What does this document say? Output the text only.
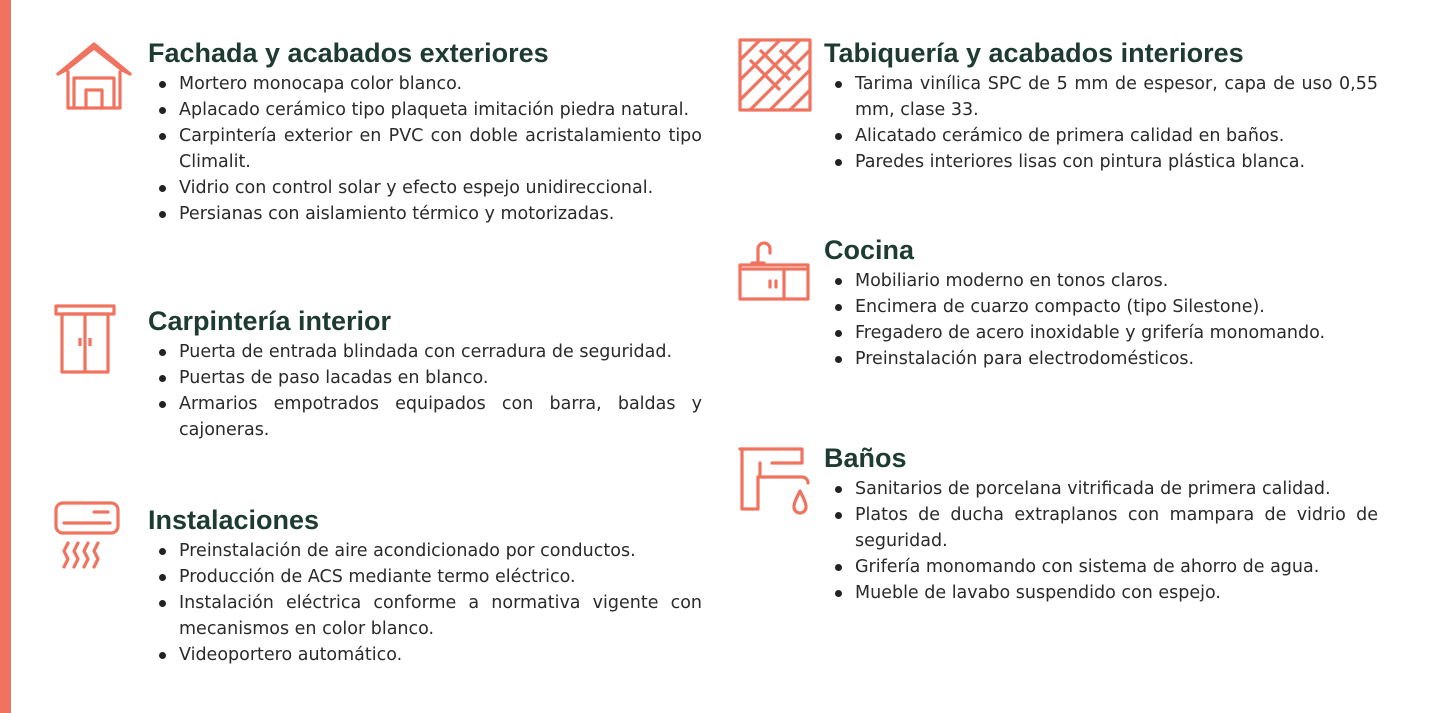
Fachada y acabados exteriores
Mortero monocapa color blanco.
Aplacado cerámico tipo plaqueta imitación piedra natural.
Carpintería exterior en PVC con doble acristalamiento tipo Climalit.
Vidrio con control solar y efecto espejo unidireccional.
Persianas con aislamiento térmico y motorizadas.
Carpintería interior
Puerta de entrada blindada con cerradura de seguridad.
Puertas de paso lacadas en blanco.
Armarios empotrados equipados con barra, baldas y cajoneras.
Instalaciones
Preinstalación de aire acondicionado por conductos.
Producción de ACS mediante termo eléctrico.
Instalación eléctrica conforme a normativa vigente con mecanismos en color blanco.
Videoportero automático.
Tabiquería y acabados interiores
Tarima vinílica SPC de 5 mm de espesor, capa de uso 0,55 mm, clase 33.
Alicatado cerámico de primera calidad en baños.
Paredes interiores lisas con pintura plástica blanca.
Cocina
Mobiliario moderno en tonos claros.
Encimera de cuarzo compacto (tipo Silestone).
Fregadero de acero inoxidable y grifería monomando.
Preinstalación para electrodomésticos.
Baños
Sanitarios de porcelana vitrificada de primera calidad.
Platos de ducha extraplanos con mampara de vidrio de seguridad.
Grifería monomando con sistema de ahorro de agua.
Mueble de lavabo suspendido con espejo.
